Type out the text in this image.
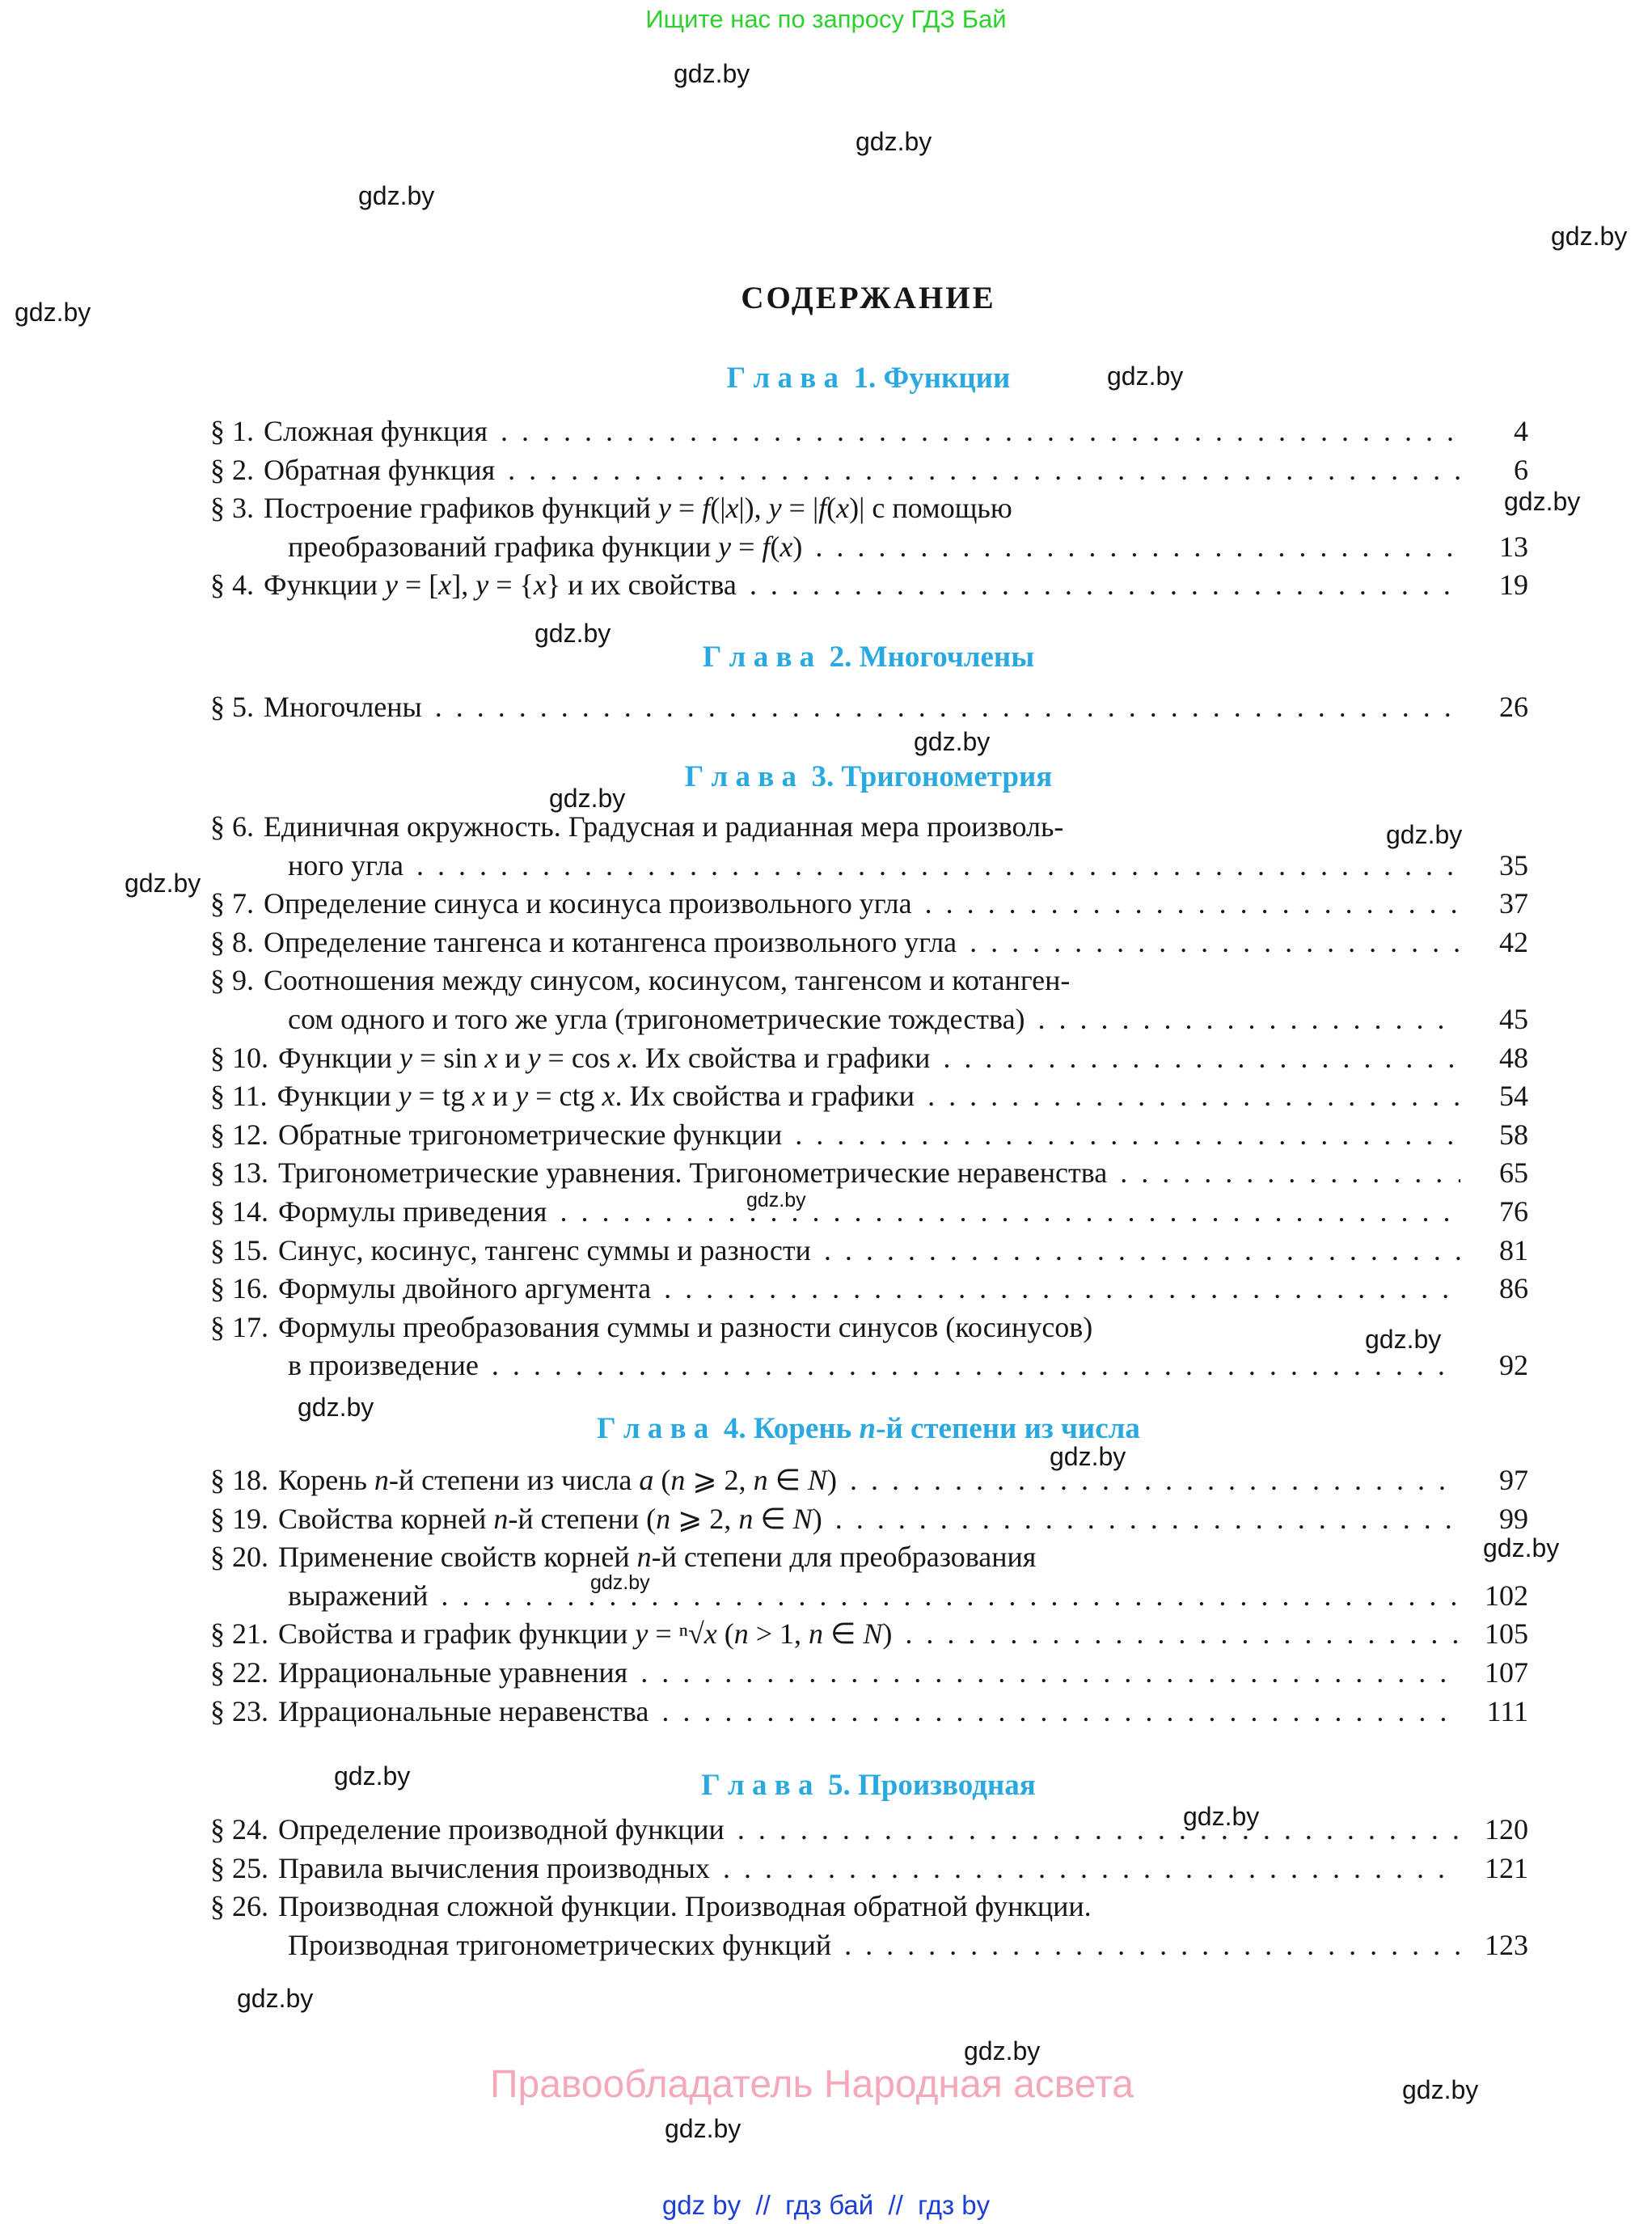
Ищите нас по запросу ГДЗ Бай
СОДЕРЖАНИЕ
Г л а в а  1. Функции
§ 1. Сложная функция .....	4
§ 2. Обратная функция .....	6
§ 3. Построение графиков функций y = f(|x|), y = |f(x)| с помощью
преобразований графика функции y = f(x) .....	13
§ 4. Функции y = [x], y = {x} и их свойства .....	19
Г л а в а  2. Многочлены
§ 5. Многочлены .....	26
Г л а в а  3. Тригонометрия
§ 6. Единичная окружность. Градусная и радианная мера произволь-
ного угла .....	35
§ 7. Определение синуса и косинуса произвольного угла .....	37
§ 8. Определение тангенса и котангенса произвольного угла .....	42
§ 9. Соотношения между синусом, косинусом, тангенсом и котанген-
сом одного и того же угла (тригонометрические тождества) .....	45
§ 10. Функции y = sin x и y = cos x. Их свойства и графики .....	48
§ 11. Функции y = tg x и y = ctg x. Их свойства и графики .....	54
§ 12. Обратные тригонометрические функции .....	58
§ 13. Тригонометрические уравнения. Тригонометрические неравенства .....	65
§ 14. Формулы приведения .....	76
§ 15. Синус, косинус, тангенс суммы и разности .....	81
§ 16. Формулы двойного аргумента .....	86
§ 17. Формулы преобразования суммы и разности синусов (косинусов)
в произведение .....	92
Г л а в а  4. Корень n-й степени из числа
§ 18. Корень n-й степени из числа a (n ⩾ 2, n ∈ N) .....	97
§ 19. Свойства корней n-й степени (n ⩾ 2, n ∈ N) .....	99
§ 20. Применение свойств корней n-й степени для преобразования
выражений .....	102
§ 21. Свойства и график функции y = ⁿ√x (n > 1, n ∈ N) .....	105
§ 22. Иррациональные уравнения .....	107
§ 23. Иррациональные неравенства .....	111
Г л а в а  5. Производная
§ 24. Определение производной функции .....	120
§ 25. Правила вычисления производных .....	121
§ 26. Производная сложной функции. Производная обратной функции.
Производная тригонометрических функций .....	123
gdz.by
gdz.by
gdz.by
gdz.by
gdz.by
gdz.by
gdz.by
gdz.by
gdz.by
gdz.by
gdz.by
gdz.by
gdz.by
gdz.by
gdz.by
gdz.by
gdz.by
gdz.by
gdz.by
gdz.by
gdz.by
gdz.by
gdz.by
gdz.by
Правообладатель Народная асвета
gdz by  //  гдз бай  //  гдз by
